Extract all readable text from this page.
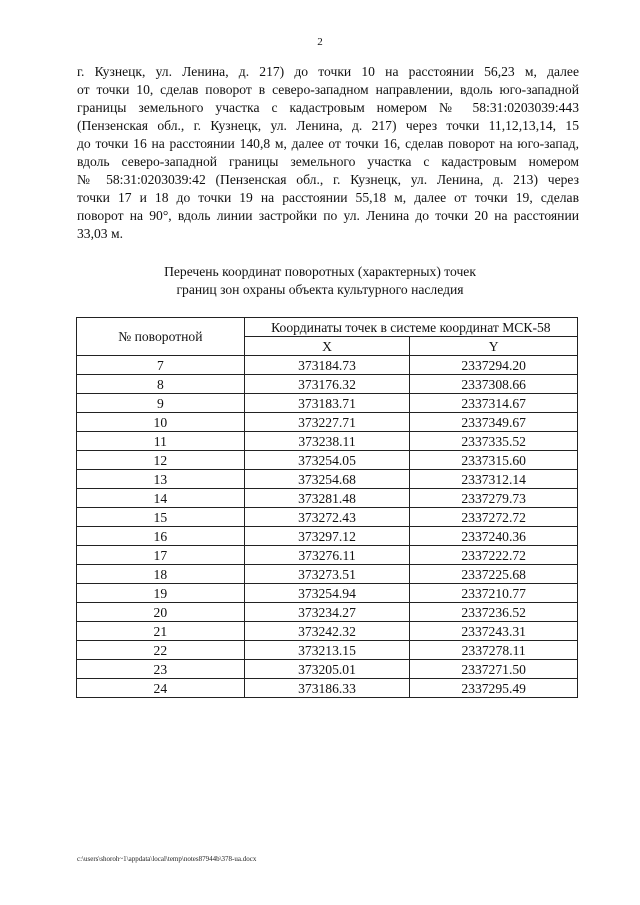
2
г. Кузнецк, ул. Ленина, д. 217) до точки 10 на расстоянии 56,23 м, далее
от точки 10, сделав поворот в северо-западном направлении, вдоль юго-западной
границы земельного участка с кадастровым номером № 58:31:0203039:443
(Пензенская обл., г. Кузнецк, ул. Ленина, д. 217) через точки 11,12,13,14, 15
до точки 16 на расстоянии 140,8 м, далее от точки 16, сделав поворот на юго-запад,
вдоль северо-западной границы земельного участка с кадастровым номером
№ 58:31:0203039:42 (Пензенская обл., г. Кузнецк, ул. Ленина, д. 213) через
точки 17 и 18 до точки 19 на расстоянии 55,18 м, далее от точки 19, сделав
поворот на 90°, вдоль линии застройки по ул. Ленина до точки 20 на расстоянии
33,03 м.
Перечень координат поворотных (характерных) точек
границ зон охраны объекта культурного наследия
№ поворотной	Координаты точек в системе координат МСК-58	
	X	Y
7	373184.73	2337294.20
8	373176.32	2337308.66
9	373183.71	2337314.67
10	373227.71	2337349.67
11	373238.11	2337335.52
12	373254.05	2337315.60
13	373254.68	2337312.14
14	373281.48	2337279.73
15	373272.43	2337272.72
16	373297.12	2337240.36
17	373276.11	2337222.72
18	373273.51	2337225.68
19	373254.94	2337210.77
20	373234.27	2337236.52
21	373242.32	2337243.31
22	373213.15	2337278.11
23	373205.01	2337271.50
24	373186.33	2337295.49
c:\users\shoroh~1\appdata\local\temp\notes87944b\378-ua.docx
